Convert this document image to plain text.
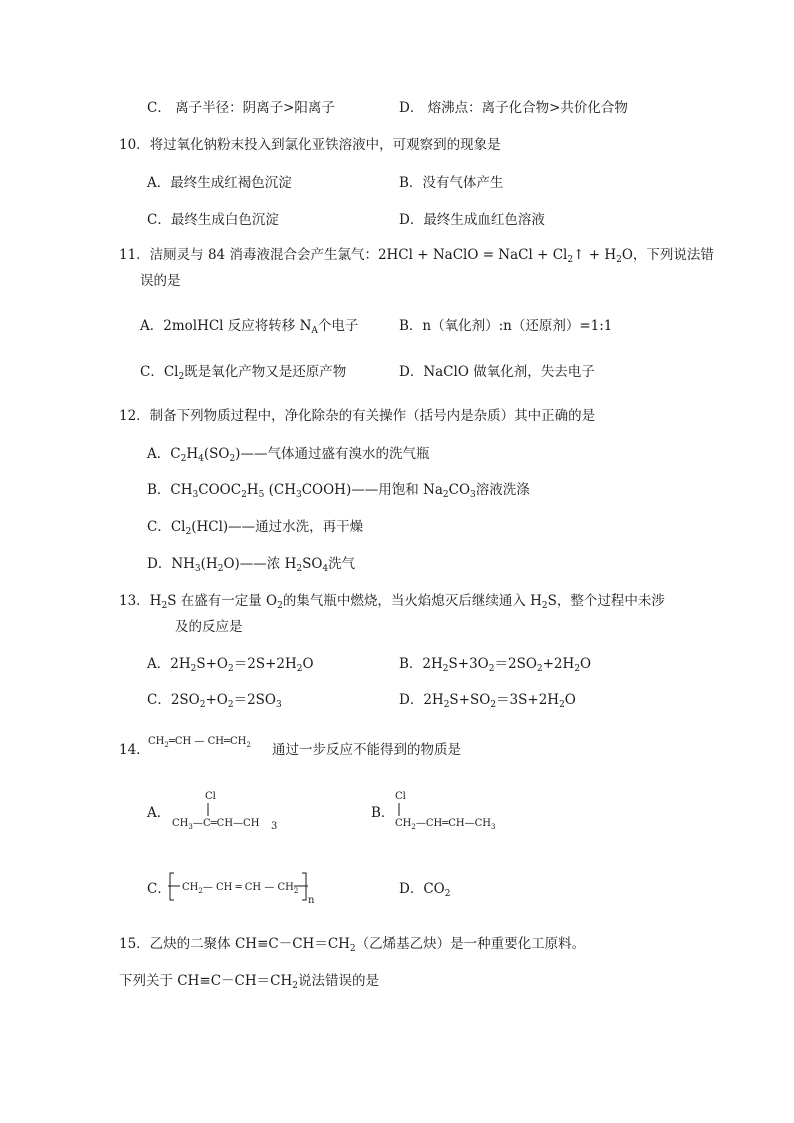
C． 离子半径：阴离子>阳离子	D． 熔沸点：离子化合物>共价化合物
10．将过氧化钠粉末投入到氯化亚铁溶液中，可观察到的现象是
A．最终生成红褐色沉淀	B．没有气体产生
C．最终生成白色沉淀	D．最终生成血红色溶液
11．洁厕灵与 84 消毒液混合会产生氯气：2HCl + NaClO = NaCl + $Cl_2↑ + H_2O$，下列说法错
误的是
A．2molHCl 反应将转移 $N_A$个电子	B．n（氧化剂）:n（还原剂）=1:1
C．$Cl_2$既是氧化产物又是还原产物	D．NaClO 做氧化剂，失去电子
12．制备下列物质过程中，净化除杂的有关操作（括号内是杂质）其中正确的是
A．$C_2H_4(SO_2)——$气体通过盛有溴水的洗气瓶
B．$CH_3COOC_2H_5$ $(CH_3COOH)——$用饱和 $Na_2CO_3$溶液洗涤
C．$Cl_2(HCl)——$通过水洗，再干燥
D．$NH_3(H_2O)——$浓 $H_2SO_4$洗气
13．$H_2S$ 在盛有一定量 $O_2$的集气瓶中燃烧，当火焰熄灭后继续通入 $H_2S$，整个过程中未涉
及的反应是
A．$2H_2S+O_2=2S+2H_2O$	B．$2H_2S+3O_2=2SO_2+2H_2O$
C．$2SO_2+O_2=2SO_3$	D．$2H_2S+SO_2=3S+2H_2O$
14．
$CH_2═CH$ — $CH═CH_2$ 通过一步反应不能得到的物质是
A．
Cl
$CH_3—$ C═CH—CH 3
B．
Cl
$CH_2—CH═CH—CH_3$
C． $CH_2—$ CH ═ CH — $CH_2$
n
D．$CO_2$
15．乙炔的二聚体 $CH\equiv C-CH=CH_2$（乙烯基乙炔）是一种重要化工原料。
下列关于 $CH\equiv C-CH=CH_2$说法错误的是
